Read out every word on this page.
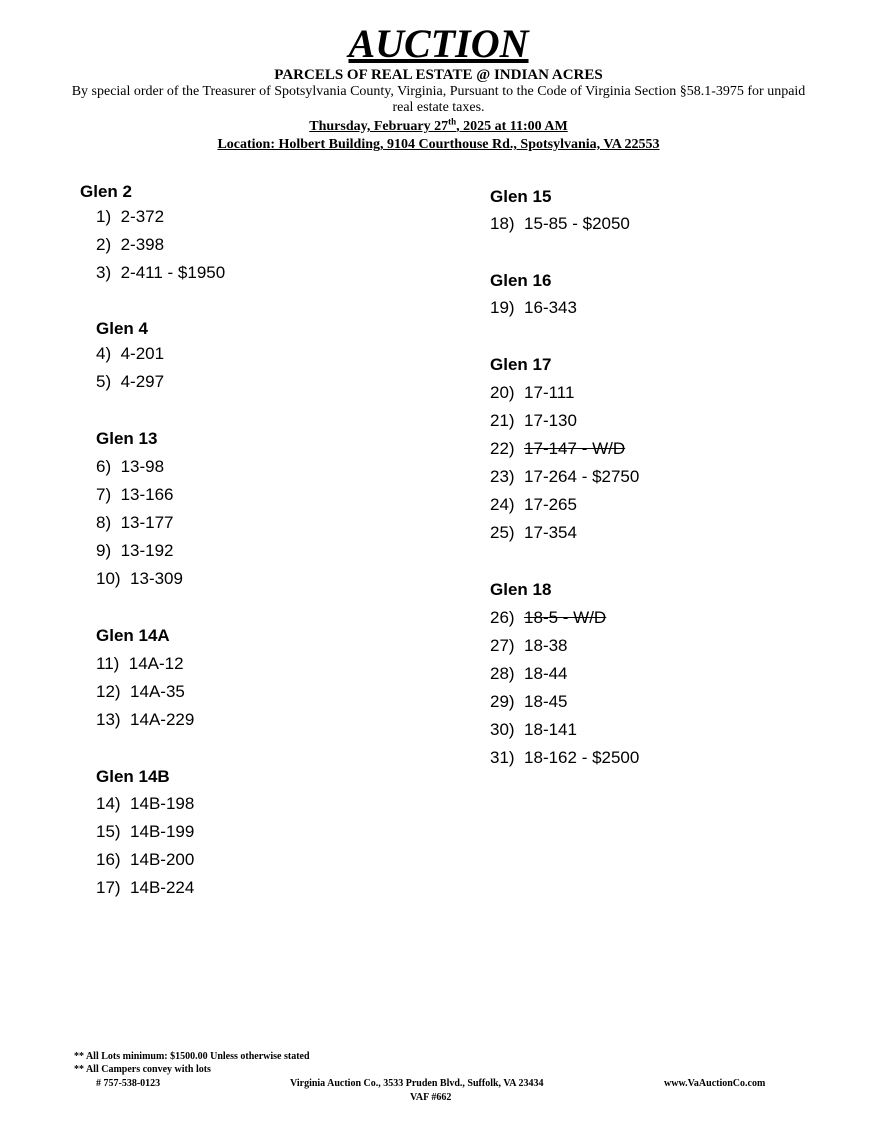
AUCTION
PARCELS OF REAL ESTATE @ INDIAN ACRES
By special order of the Treasurer of Spotsylvania County, Virginia, Pursuant to the Code of Virginia Section §58.1-3975 for unpaid real estate taxes.
Thursday, February 27th, 2025 at 11:00 AM
Location: Holbert Building, 9104 Courthouse Rd., Spotsylvania, VA 22553
Glen 2
1) 2-372
2) 2-398
3) 2-411 - $1950
Glen 4
4) 4-201
5) 4-297
Glen 13
6) 13-98
7) 13-166
8) 13-177
9) 13-192
10) 13-309
Glen 14A
11) 14A-12
12) 14A-35
13) 14A-229
Glen 14B
14) 14B-198
15) 14B-199
16) 14B-200
17) 14B-224
Glen 15
18) 15-85 - $2050
Glen 16
19) 16-343
Glen 17
20) 17-111
21) 17-130
22) 17-147 - W/D
23) 17-264 - $2750
24) 17-265
25) 17-354
Glen 18
26) 18-5 - W/D
27) 18-38
28) 18-44
29) 18-45
30) 18-141
31) 18-162 - $2500
** All Lots minimum: $1500.00 Unless otherwise stated
** All Campers convey with lots
# 757-538-0123	Virginia Auction Co., 3533 Pruden Blvd., Suffolk, VA 23434	www.VaAuctionCo.com
VAF #662
